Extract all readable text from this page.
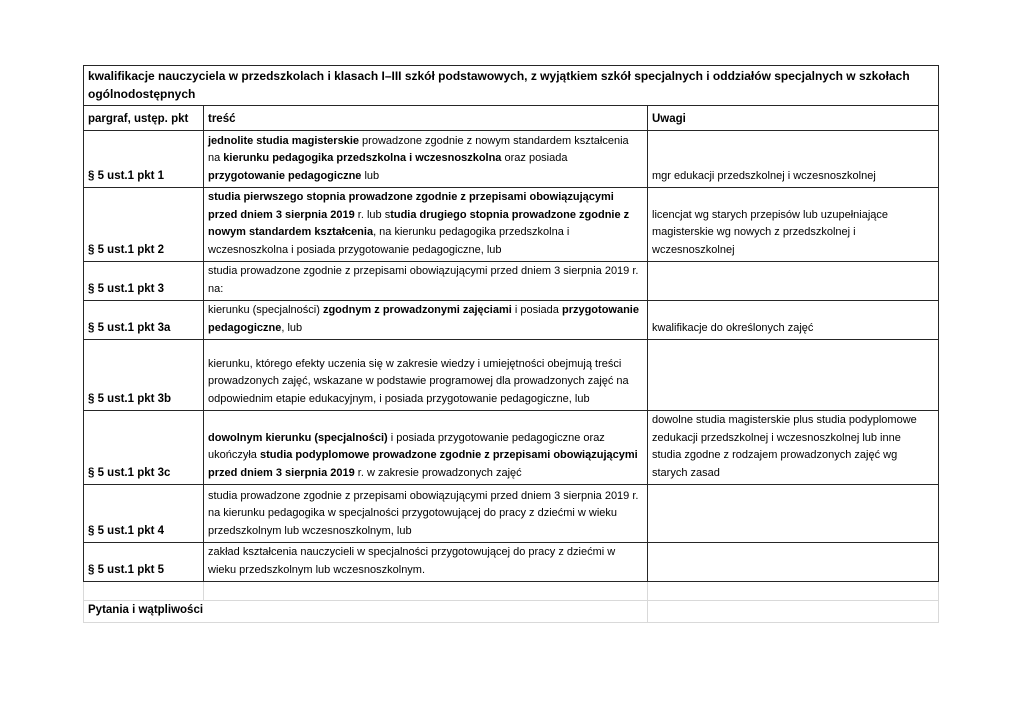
kwalifikacje nauczyciela w przedszkolach i klasach I–III szkół podstawowych, z wyjątkiem szkół specjalnych i oddziałów specjalnych w szkołach ogólnodostępnych		
pargraf, ustęp. pkt	treść	Uwagi
§ 5 ust.1 pkt 1	jednolite studia magisterskie prowadzone zgodnie z nowym standardem kształcenia na kierunku pedagogika przedszkolna i wczesnoszkolna oraz posiada przygotowanie pedagogiczne lub	mgr edukacji przedszkolnej i wczesnoszkolnej
§ 5 ust.1 pkt 2	studia pierwszego stopnia prowadzone zgodnie z przepisami obowiązującymi przed dniem 3 sierpnia 2019 r. lub studia drugiego stopnia prowadzone zgodnie z nowym standardem kształcenia, na kierunku pedagogika przedszkolna i wczesnoszkolna i posiada przygotowanie pedagogiczne, lub	licencjat wg starych przepisów lub uzupełniające magisterskie wg nowych z przedszkolnej i wczesnoszkolnej
§ 5 ust.1 pkt 3	studia prowadzone zgodnie z przepisami obowiązującymi przed dniem 3 sierpnia 2019 r. na:	
§ 5 ust.1 pkt 3a	kierunku (specjalności) zgodnym z prowadzonymi zajęciami i posiada przygotowanie pedagogiczne, lub	kwalifikacje do określonych zajęć
§ 5 ust.1 pkt 3b	kierunku, którego efekty uczenia się w zakresie wiedzy i umiejętności obejmują treści prowadzonych zajęć, wskazane w podstawie programowej dla prowadzonych zajęć na odpowiednim etapie edukacyjnym, i posiada przygotowanie pedagogiczne, lub	
§ 5 ust.1 pkt 3c	dowolnym kierunku (specjalności) i posiada przygotowanie pedagogiczne oraz ukończyła studia podyplomowe prowadzone zgodnie z przepisami obowiązującymi przed dniem 3 sierpnia 2019 r. w zakresie prowadzonych zajęć	dowolne studia magisterskie plus studia podyplomowe zedukacji przedszkolnej i wczesnoszkolnej lub inne studia zgodne z rodzajem prowadzonych zajęć wg starych zasad
§ 5 ust.1 pkt 4	studia prowadzone zgodnie z przepisami obowiązującymi przed dniem 3 sierpnia 2019 r. na kierunku pedagogika w specjalności przygotowującej do pracy z dziećmi w wieku przedszkolnym lub wczesnoszkolnym, lub	
§ 5 ust.1 pkt 5	zakład kształcenia nauczycieli w specjalności przygotowującej do pracy z dziećmi w wieku przedszkolnym lub wczesnoszkolnym.	

Pytania i wątpliwości		
